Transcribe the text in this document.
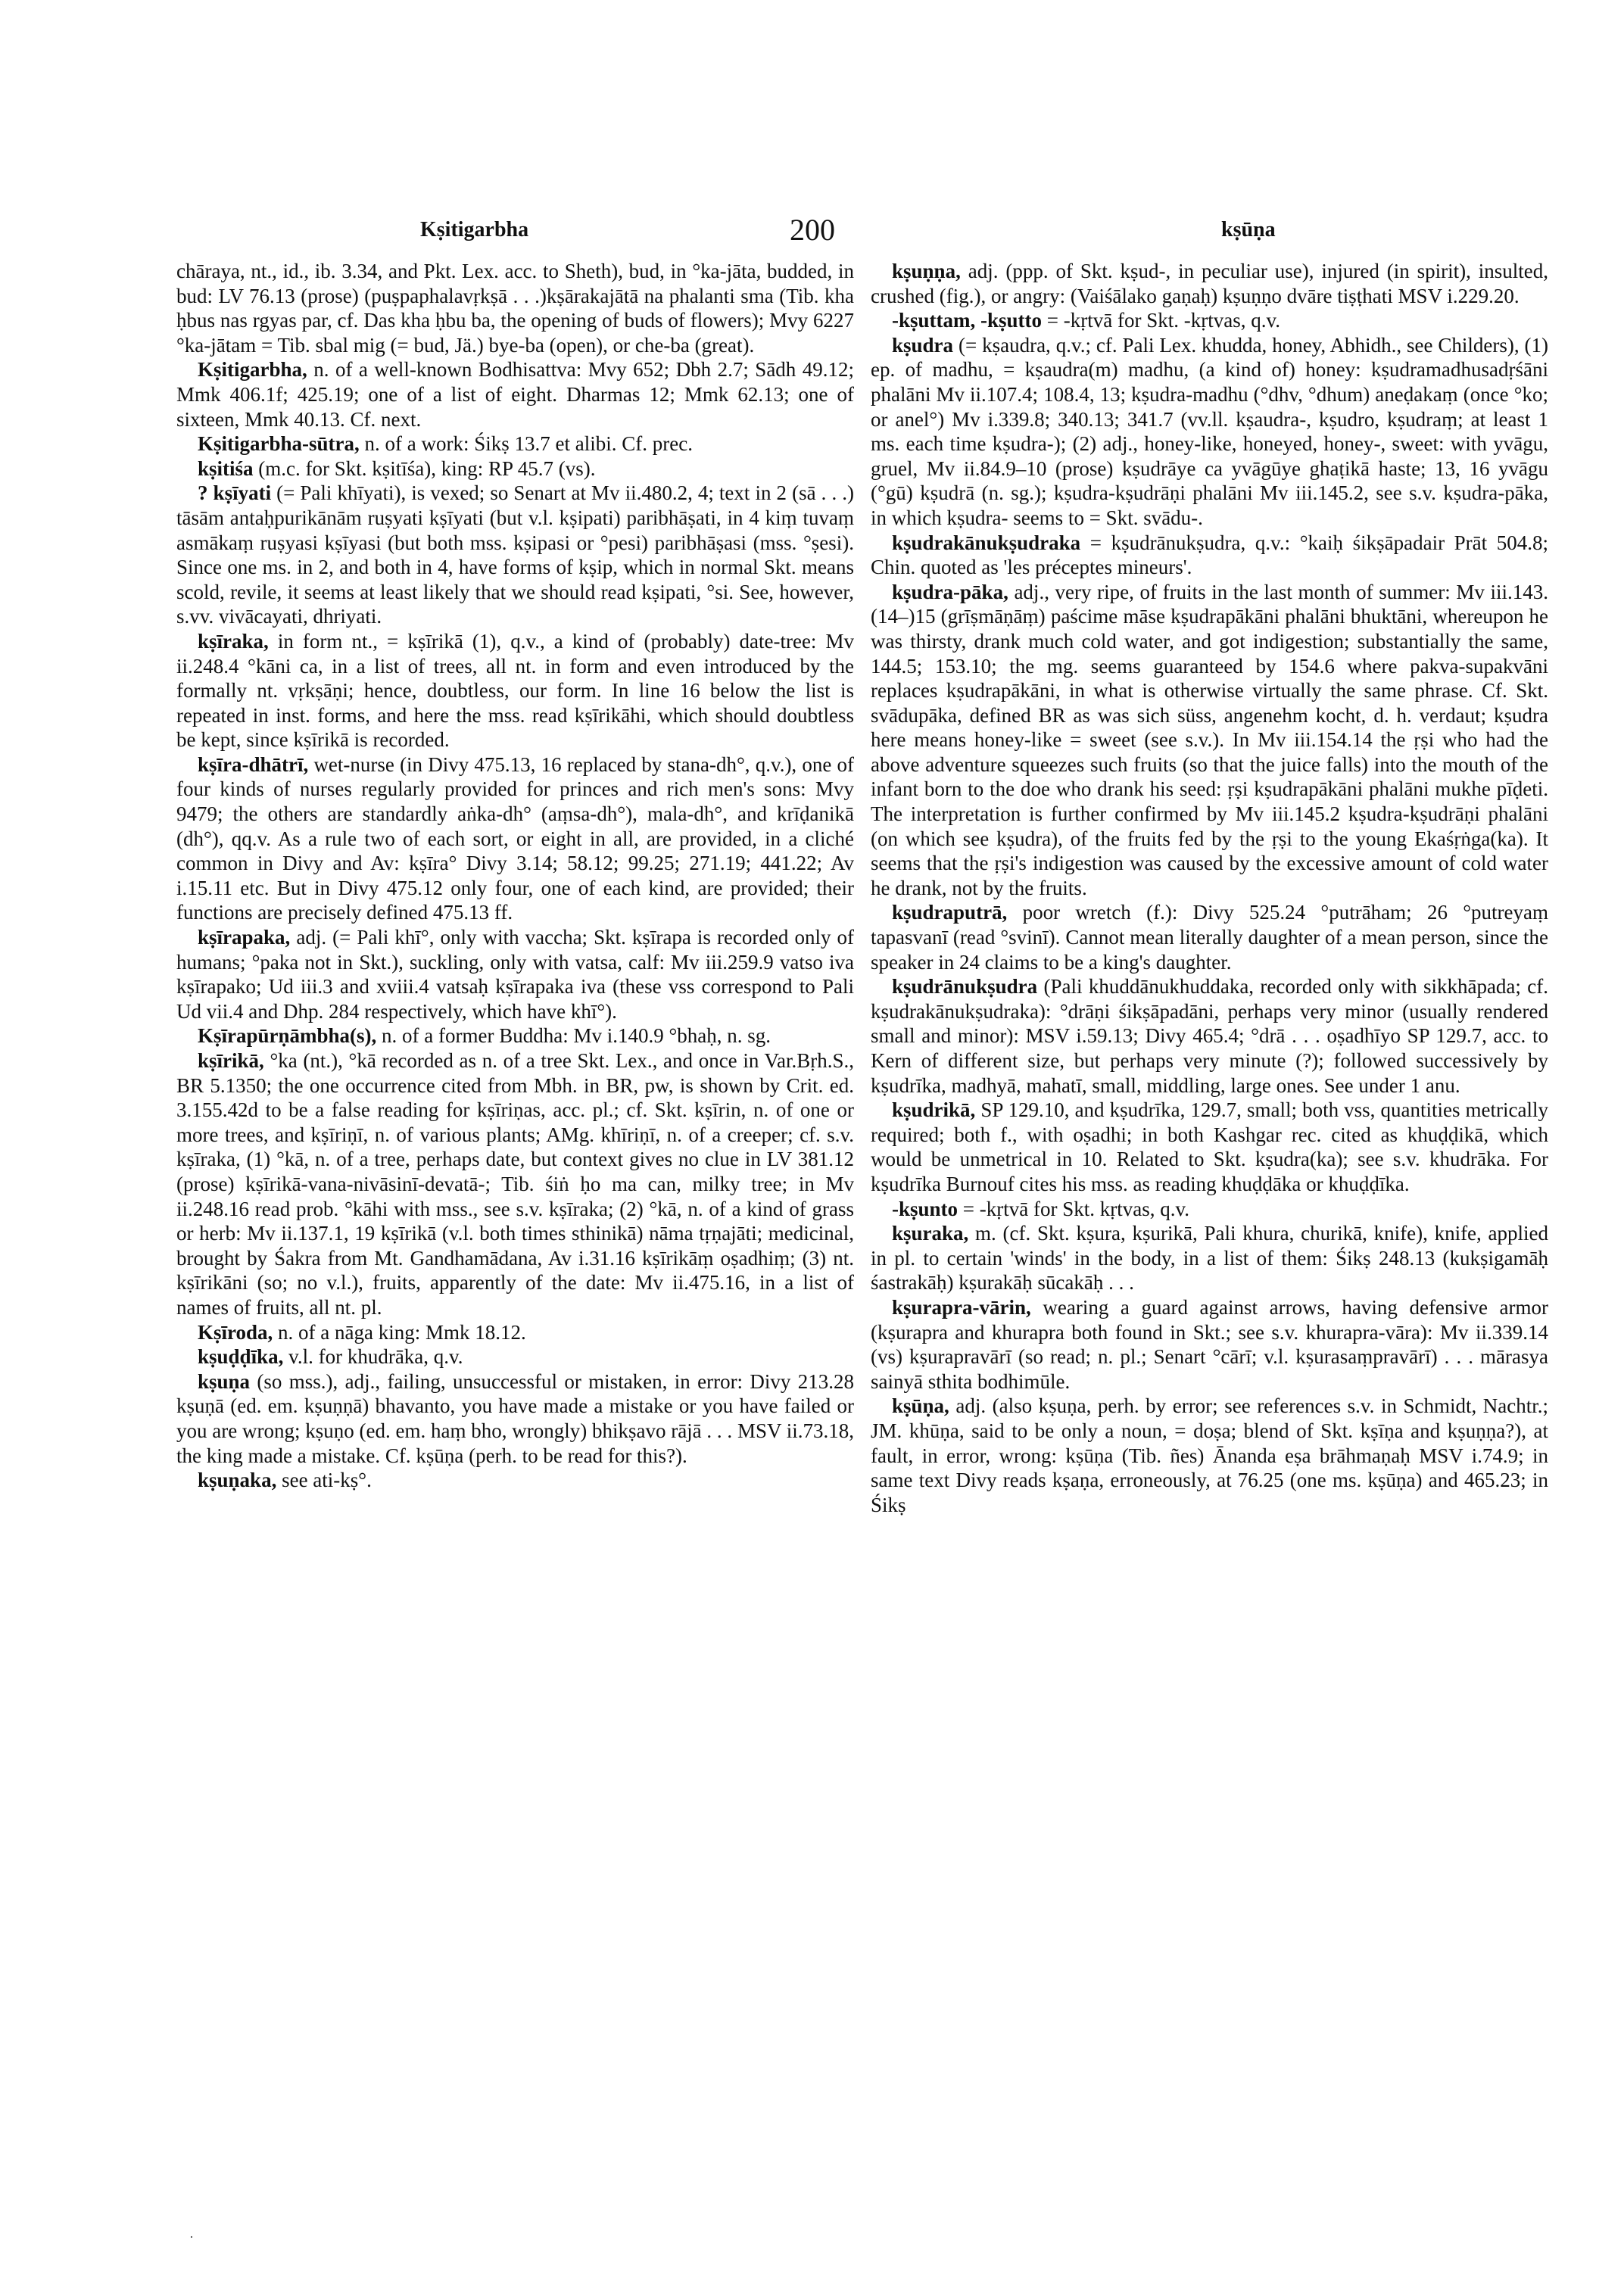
Kṣitigarbha	200	kṣūṇa

chāraya, nt., id., ib. 3.34, and Pkt. Lex. acc. to Sheth), bud, in °ka-jāta, budded, in bud: LV 76.13 (prose) (puṣpaphalavṛkṣā . . .)kṣārakajātā na phalanti sma (Tib. kha ḥbus nas rgyas par, cf. Das kha ḥbu ba, the opening of buds of flowers); Mvy 6227 °ka-jātam = Tib. sbal mig (= bud, Jä.) bye-ba (open), or che-ba (great).

Kṣitigarbha, n. of a well-known Bodhisattva: Mvy 652; Dbh 2.7; Sādh 49.12; Mmk 406.1f; 425.19; one of a list of eight. Dharmas 12; Mmk 62.13; one of sixteen, Mmk 40.13. Cf. next.

Kṣitigarbha-sūtra, n. of a work: Śikṣ 13.7 et alibi. Cf. prec.

kṣitiśa (m.c. for Skt. kṣitīśa), king: RP 45.7 (vs).

? kṣīyati (= Pali khīyati), is vexed; so Senart at Mv ii.480.2, 4; text in 2 (sā . . .) tāsām antaḥpurikānām ruṣyati kṣīyati (but v.l. kṣipati) paribhāṣati, in 4 kiṃ tuvaṃ asmākaṃ ruṣyasi kṣīyasi (but both mss. kṣipasi or °pesi) paribhāṣasi (mss. °ṣesi). Since one ms. in 2, and both in 4, have forms of kṣip, which in normal Skt. means scold, revile, it seems at least likely that we should read kṣipati, °si. See, however, s.vv. vivācayati, dhriyati.

kṣīraka, in form nt., = kṣīrikā (1), q.v., a kind of (probably) date-tree: Mv ii.248.4 °kāni ca, in a list of trees, all nt. in form and even introduced by the formally nt. vṛkṣāṇi; hence, doubtless, our form. In line 16 below the list is repeated in inst. forms, and here the mss. read kṣīrikāhi, which should doubtless be kept, since kṣīrikā is recorded.

kṣīra-dhātrī, wet-nurse (in Divy 475.13, 16 replaced by stana-dh°, q.v.), one of four kinds of nurses regularly provided for princes and rich men's sons: Mvy 9479; the others are standardly aṅka-dh° (aṃsa-dh°), mala-dh°, and krīḍanikā (dh°), qq.v. As a rule two of each sort, or eight in all, are provided, in a cliché common in Divy and Av: kṣīra° Divy 3.14; 58.12; 99.25; 271.19; 441.22; Av i.15.11 etc. But in Divy 475.12 only four, one of each kind, are provided; their functions are precisely defined 475.13 ff.

kṣīrapaka, adj. (= Pali khī°, only with vaccha; Skt. kṣīrapa is recorded only of humans; °paka not in Skt.), suckling, only with vatsa, calf: Mv iii.259.9 vatso iva kṣīrapako; Ud iii.3 and xviii.4 vatsaḥ kṣīrapaka iva (these vss correspond to Pali Ud vii.4 and Dhp. 284 respectively, which have khī°).

Kṣīrapūrṇāmbha(s), n. of a former Buddha: Mv i.140.9 °bhaḥ, n. sg.

kṣīrikā, °ka (nt.), °kā recorded as n. of a tree Skt. Lex., and once in Var.Bṛh.S., BR 5.1350; the one occurrence cited from Mbh. in BR, pw, is shown by Crit. ed. 3.155.42d to be a false reading for kṣīriṇas, acc. pl.; cf. Skt. kṣīrin, n. of one or more trees, and kṣīriṇī, n. of various plants; AMg. khīriṇī, n. of a creeper; cf. s.v. kṣīraka, (1) °kā, n. of a tree, perhaps date, but context gives no clue in LV 381.12 (prose) kṣīrikā-vana-nivāsinī-devatā-; Tib. śiṅ ḥo ma can, milky tree; in Mv ii.248.16 read prob. °kāhi with mss., see s.v. kṣīraka; (2) °kā, n. of a kind of grass or herb: Mv ii.137.1, 19 kṣīrikā (v.l. both times sthinikā) nāma tṛṇajāti; medicinal, brought by Śakra from Mt. Gandhamādana, Av i.31.16 kṣīrikāṃ oṣadhiṃ; (3) nt. kṣīrikāni (so; no v.l.), fruits, apparently of the date: Mv ii.475.16, in a list of names of fruits, all nt. pl.

Kṣīroda, n. of a nāga king: Mmk 18.12.

kṣuḍḍīka, v.l. for khudrāka, q.v.

kṣuṇa (so mss.), adj., failing, unsuccessful or mistaken, in error: Divy 213.28 kṣuṇā (ed. em. kṣuṇṇā) bhavanto, you have made a mistake or you have failed or you are wrong; kṣuṇo (ed. em. haṃ bho, wrongly) bhikṣavo rājā . . . MSV ii.73.18, the king made a mistake. Cf. kṣūṇa (perh. to be read for this?).

kṣuṇaka, see ati-kṣ°.

kṣuṇṇa, adj. (ppp. of Skt. kṣud-, in peculiar use), injured (in spirit), insulted, crushed (fig.), or angry: (Vaiśālako gaṇaḥ) kṣuṇṇo dvāre tiṣṭhati MSV i.229.20.

-kṣuttam, -kṣutto = -kṛtvā for Skt. -kṛtvas, q.v.

kṣudra (= kṣaudra, q.v.; cf. Pali Lex. khudda, honey, Abhidh., see Childers), (1) ep. of madhu, = kṣaudra(m) madhu, (a kind of) honey: kṣudramadhusadṛśāni phalāni Mv ii.107.4; 108.4, 13; kṣudra-madhu (°dhv, °dhum) aneḍakaṃ (once °ko; or anel°) Mv i.339.8; 340.13; 341.7 (vv.ll. kṣaudra-, kṣudro, kṣudraṃ; at least 1 ms. each time kṣudra-); (2) adj., honey-like, honeyed, honey-, sweet: with yvāgu, gruel, Mv ii.84.9–10 (prose) kṣudrāye ca yvāgūye ghaṭikā haste; 13, 16 yvāgu (°gū) kṣudrā (n. sg.); kṣudra-kṣudrāṇi phalāni Mv iii.145.2, see s.v. kṣudra-pāka, in which kṣudra- seems to = Skt. svādu-.

kṣudrakānukṣudraka = kṣudrānukṣudra, q.v.: °kaiḥ śikṣāpadair Prāt 504.8; Chin. quoted as 'les préceptes mineurs'.

kṣudra-pāka, adj., very ripe, of fruits in the last month of summer: Mv iii.143.(14–)15 (grīṣmāṇāṃ) paścime māse kṣudrapākāni phalāni bhuktāni, whereupon he was thirsty, drank much cold water, and got indigestion; substantially the same, 144.5; 153.10; the mg. seems guaranteed by 154.6 where pakva-supakvāni replaces kṣudrapākāni, in what is otherwise virtually the same phrase. Cf. Skt. svādupāka, defined BR as was sich süss, angenehm kocht, d. h. verdaut; kṣudra here means honey-like = sweet (see s.v.). In Mv iii.154.14 the ṛṣi who had the above adventure squeezes such fruits (so that the juice falls) into the mouth of the infant born to the doe who drank his seed: ṛṣi kṣudrapākāni phalāni mukhe pīḍeti. The interpretation is further confirmed by Mv iii.145.2 kṣudra-kṣudrāṇi phalāni (on which see kṣudra), of the fruits fed by the ṛṣi to the young Ekaśṛṅga(ka). It seems that the ṛṣi's indigestion was caused by the excessive amount of cold water he drank, not by the fruits.

kṣudraputrā, poor wretch (f.): Divy 525.24 °putrāham; 26 °putreyaṃ tapasvanī (read °svinī). Cannot mean literally daughter of a mean person, since the speaker in 24 claims to be a king's daughter.

kṣudrānukṣudra (Pali khuddānukhuddaka, recorded only with sikkhāpada; cf. kṣudrakānukṣudraka): °drāṇi śikṣāpadāni, perhaps very minor (usually rendered small and minor): MSV i.59.13; Divy 465.4; °drā . . . oṣadhīyo SP 129.7, acc. to Kern of different size, but perhaps very minute (?); followed successively by kṣudrīka, madhyā, mahatī, small, middling, large ones. See under 1 anu.

kṣudrikā, SP 129.10, and kṣudrīka, 129.7, small; both vss, quantities metrically required; both f., with oṣadhi; in both Kashgar rec. cited as khuḍḍikā, which would be unmetrical in 10. Related to Skt. kṣudra(ka); see s.v. khudrāka. For kṣudrīka Burnouf cites his mss. as reading khuḍḍāka or khuḍḍīka.

-kṣunto = -kṛtvā for Skt. kṛtvas, q.v.

kṣuraka, m. (cf. Skt. kṣura, kṣurikā, Pali khura, churikā, knife), knife, applied in pl. to certain 'winds' in the body, in a list of them: Śikṣ 248.13 (kukṣigamāḥ śastrakāḥ) kṣurakāḥ sūcakāḥ . . .

kṣurapra-vārin, wearing a guard against arrows, having defensive armor (kṣurapra and khurapra both found in Skt.; see s.v. khurapra-vāra): Mv ii.339.14 (vs) kṣurapravārī (so read; n. pl.; Senart °cārī; v.l. kṣurasaṃpravārī) . . . mārasya sainyā sthita bodhimūle.

kṣūṇa, adj. (also kṣuṇa, perh. by error; see references s.v. in Schmidt, Nachtr.; JM. khūṇa, said to be only a noun, = doṣa; blend of Skt. kṣīṇa and kṣuṇṇa?), at fault, in error, wrong: kṣūṇa (Tib. ñes) Ānanda eṣa brāhmaṇaḥ MSV i.74.9; in same text Divy reads kṣaṇa, erroneously, at 76.25 (one ms. kṣūṇa) and 465.23; in Śikṣ

·
